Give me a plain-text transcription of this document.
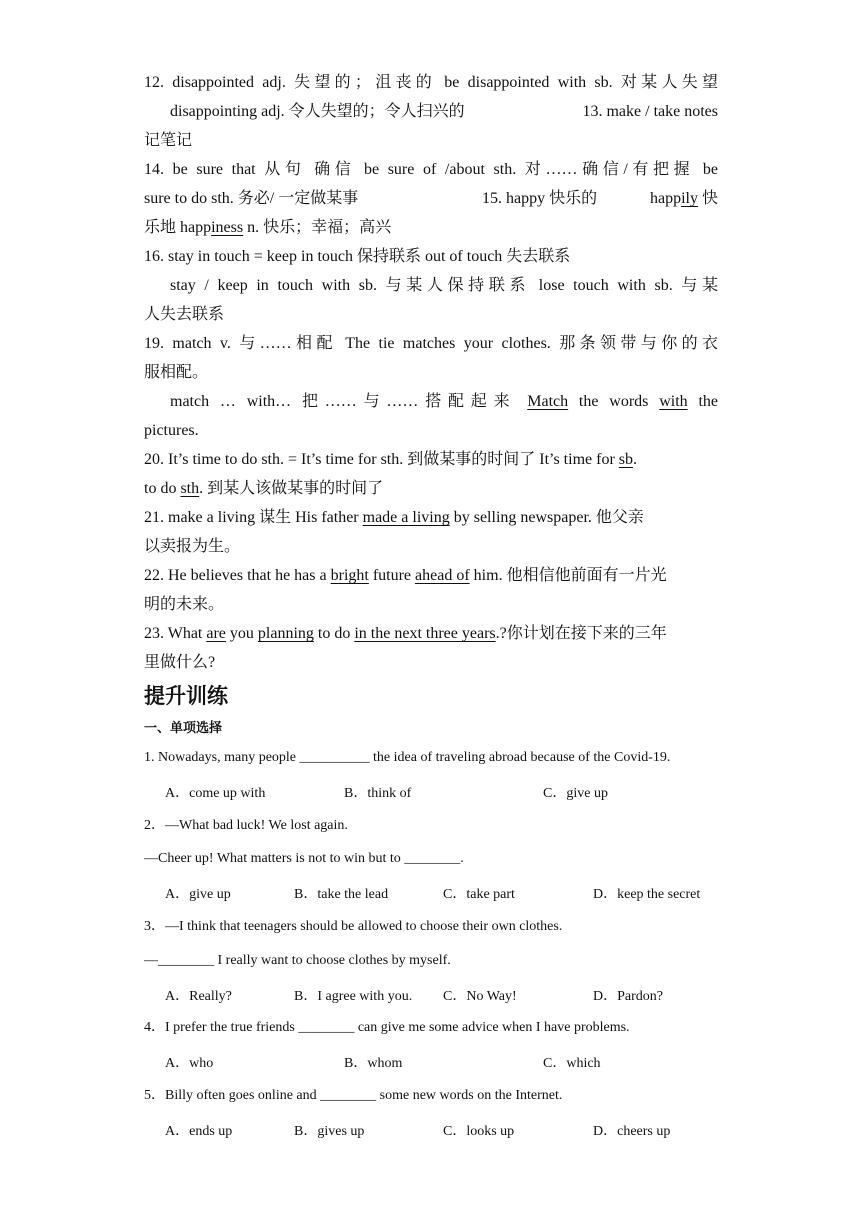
12. disappointed adj. 失望的；沮丧的 be disappointed with sb. 对某人失望
disappointing adj. 令人失望的；令人扫兴的	13. make / take notes
记笔记
14. be sure that 从句 确信 be sure of /about sth. 对……确信/有把握 be
sure to do sth. 务必/ 一定做某事	15. happy 快乐的	happily 快
乐地 happiness n. 快乐；幸福；高兴
16. stay in touch = keep in touch 保持联系 out of touch 失去联系
stay / keep in touch with sb. 与某人保持联系 lose touch with sb. 与某
人失去联系
19. match v. 与……相配 The tie matches your clothes. 那条领带与你的衣
服相配。
match … with… 把……与……搭配起来 Match the words with the
pictures.
20. It’s time to do sth. = It’s time for sth. 到做某事的时间了 It’s time for sb.
to do sth. 到某人该做某事的时间了
21. make a living 谋生 His father made a living by selling newspaper. 他父亲
以卖报为生。
22. He believes that he has a bright future ahead of him. 他相信他前面有一片光
明的未来。
23. What are you planning to do in the next three years.?你计划在接下来的三年
里做什么?
提升训练
一、单项选择
1. Nowadays, many people __________ the idea of traveling abroad because of the Covid-19.
A．come up with	B．think of	C．give up
2．—What bad luck! We lost again.
—Cheer up! What matters is not to win but to ________.
A．give up	B．take the lead	C．take part	D．keep the secret
3．—I think that teenagers should be allowed to choose their own clothes.
—________ I really want to choose clothes by myself.
A．Really?	B．I agree with you. C．No Way!	D．Pardon?
4．I prefer the true friends ________ can give me some advice when I have problems.
A．who	B．whom	C．which
5．Billy often goes online and ________ some new words on the Internet.
A．ends up	B．gives up	C．looks up	D．cheers up
